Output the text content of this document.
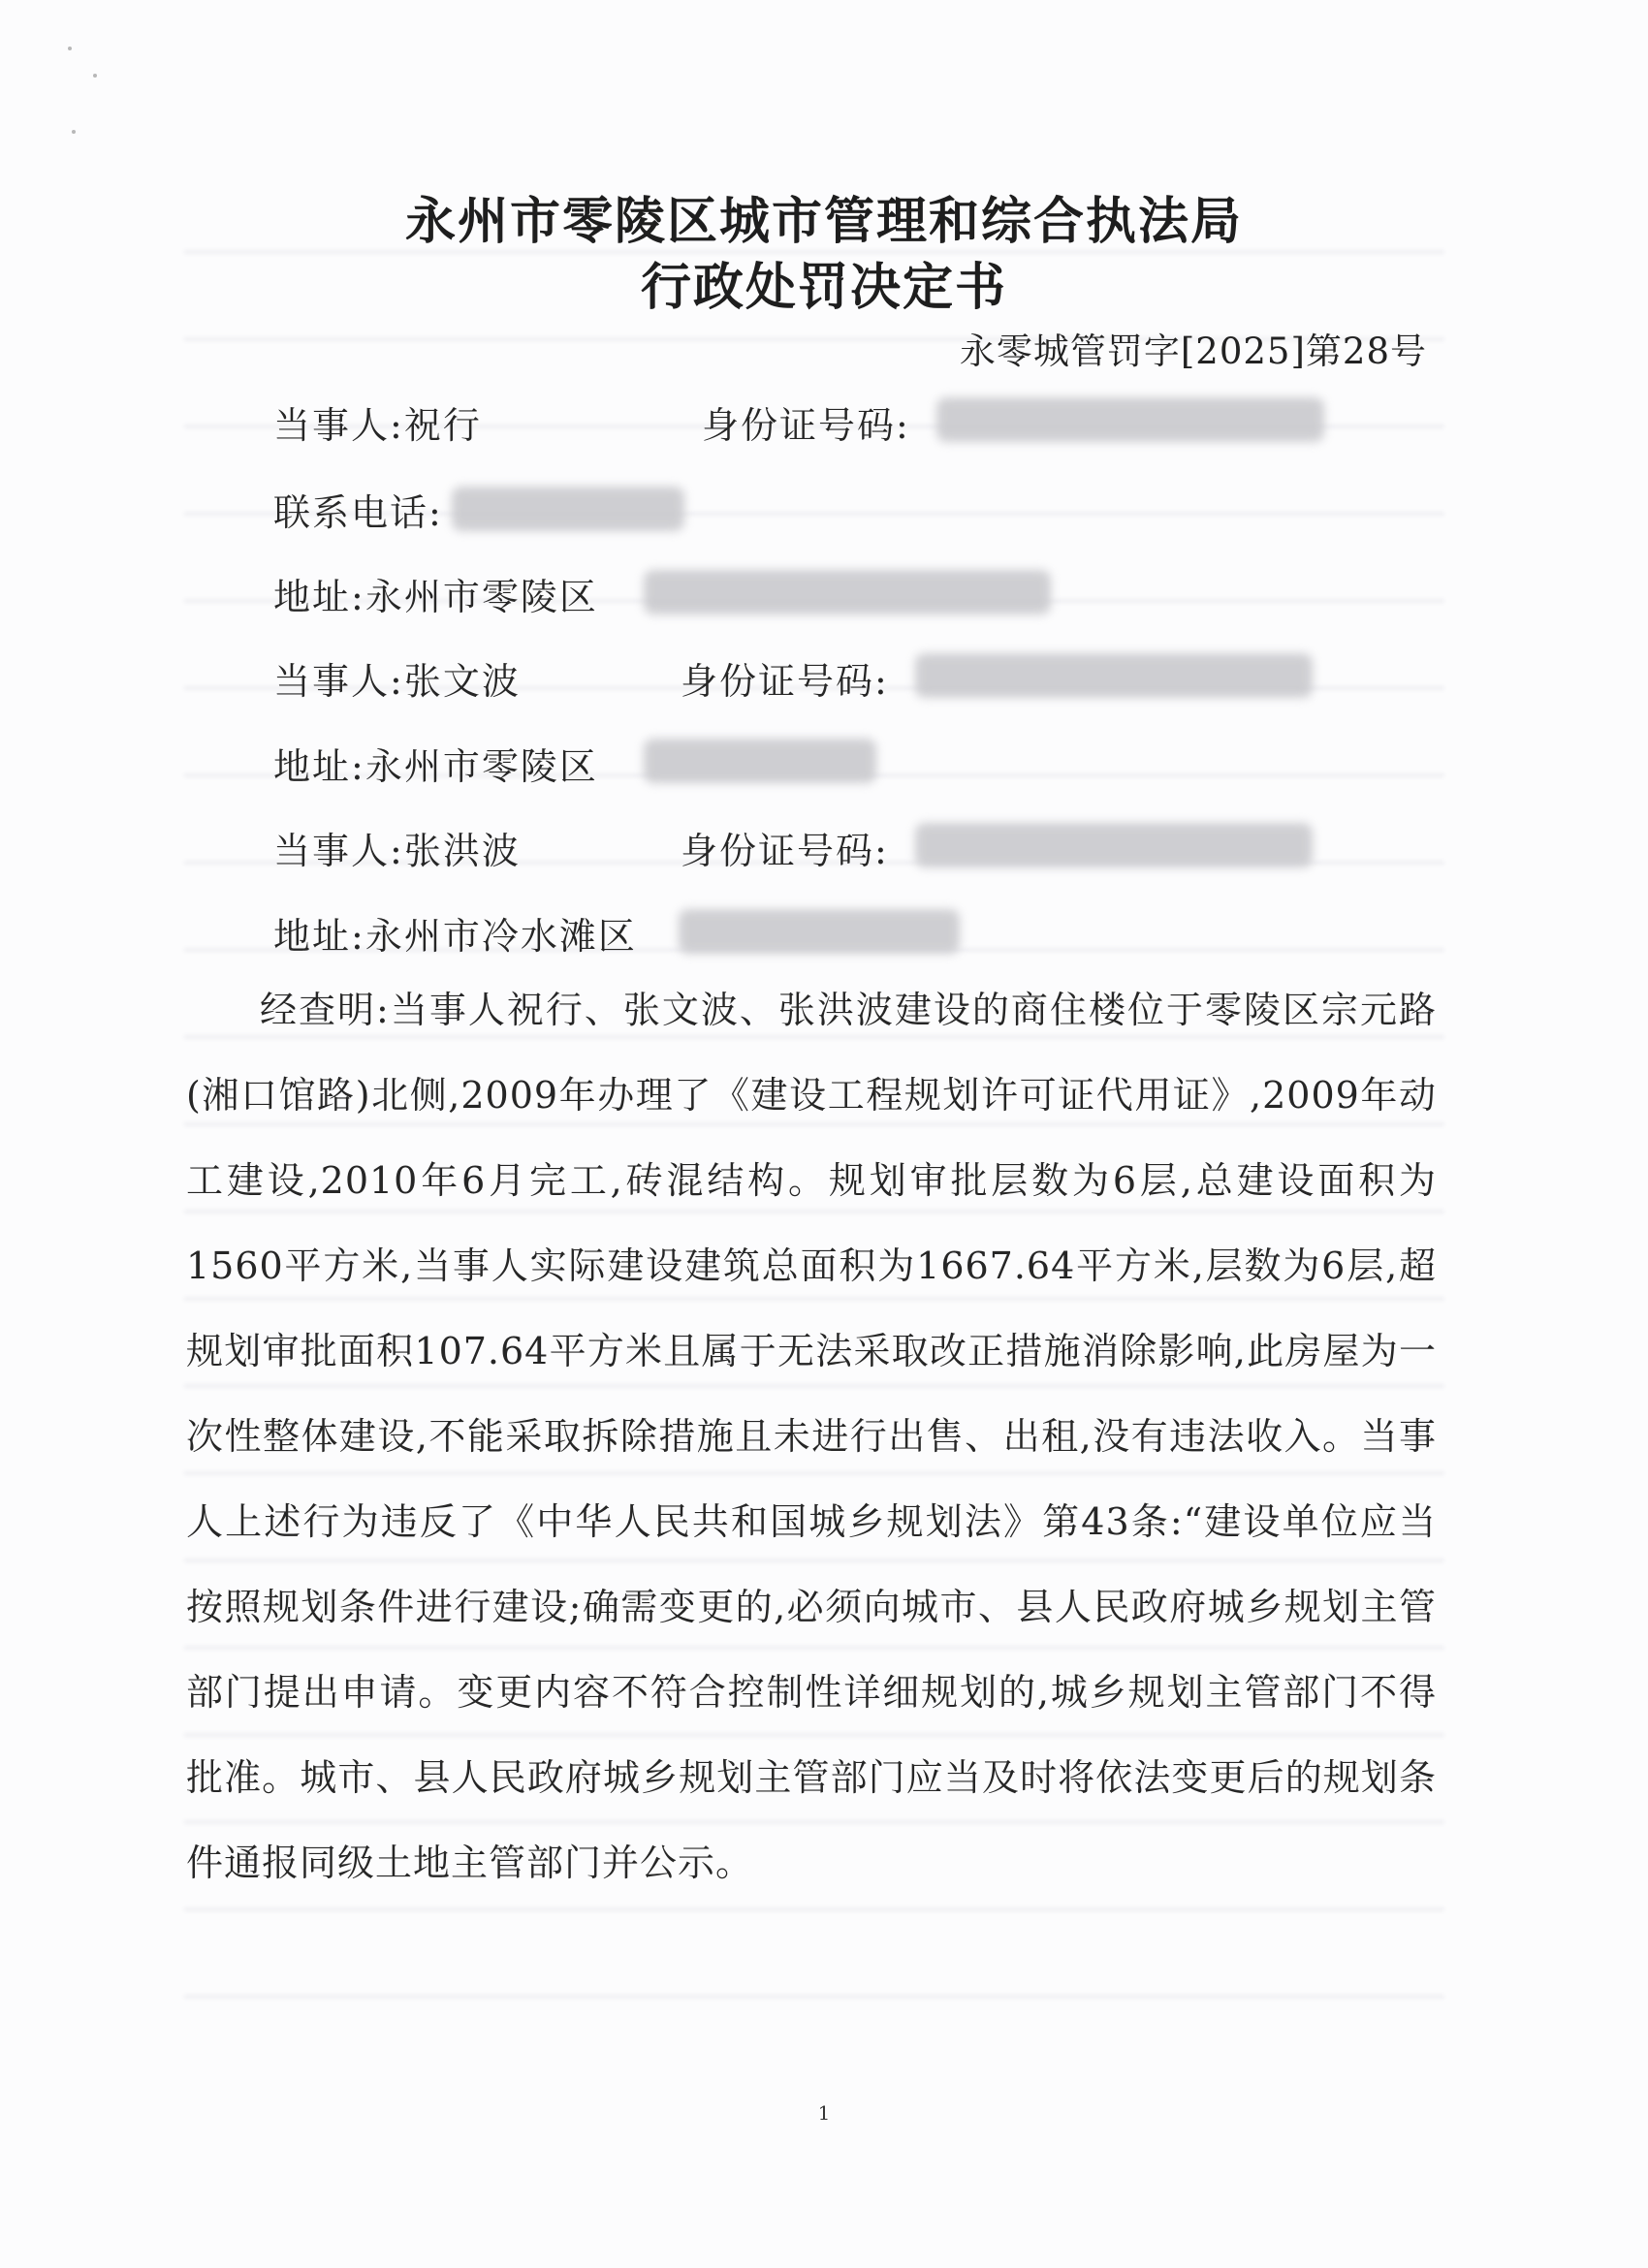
永州市零陵区城市管理和综合执法局
行政处罚决定书
永零城管罚字[2025]第28号
当事人:祝行	身份证号码:
联系电话:
地址:永州市零陵区
当事人:张文波	身份证号码:
地址:永州市零陵区
当事人:张洪波	身份证号码:
地址:永州市冷水滩区

经查明:当事人祝行、张文波、张洪波建设的商住楼位于零陵区宗元路(湘口馆路)北侧,2009年办理了《建设工程规划许可证代用证》,2009年动工建设,2010年6月完工,砖混结构。规划审批层数为6层,总建设面积为1560平方米,当事人实际建设建筑总面积为1667.64平方米,层数为6层,超规划审批面积107.64平方米且属于无法采取改正措施消除影响,此房屋为一次性整体建设,不能采取拆除措施且未进行出售、出租,没有违法收入。当事人上述行为违反了《中华人民共和国城乡规划法》第43条:“建设单位应当按照规划条件进行建设;确需变更的,必须向城市、县人民政府城乡规划主管部门提出申请。变更内容不符合控制性详细规划的,城乡规划主管部门不得批准。城市、县人民政府城乡规划主管部门应当及时将依法变更后的规划条件通报同级土地主管部门并公示。

1
